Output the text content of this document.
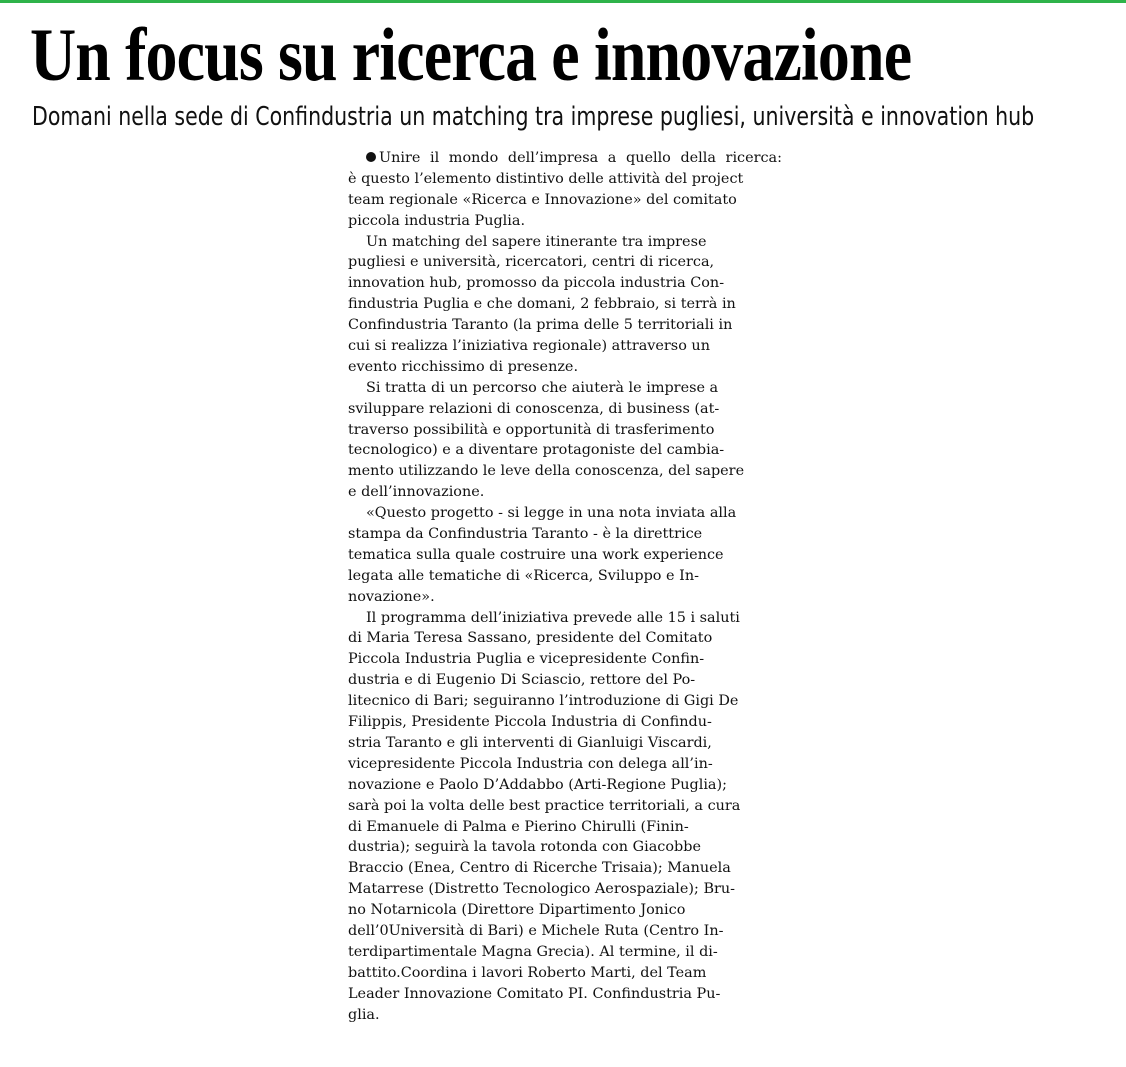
Un focus su ricerca e innovazione
Domani nella sede di Confindustria un matching tra imprese pugliesi, università e innovation hub

Unire il mondo dell’impresa a quello della ricerca:
è questo l’elemento distintivo delle attività del project
team regionale «Ricerca e Innovazione» del comitato
piccola industria Puglia.

Un matching del sapere itinerante tra imprese
pugliesi e università, ricercatori, centri di ricerca,
innovation hub, promosso da piccola industria Con-
findustria Puglia e che domani, 2 febbraio, si terrà in
Confindustria Taranto (la prima delle 5 territoriali in
cui si realizza l’iniziativa regionale) attraverso un
evento ricchissimo di presenze.

Si tratta di un percorso che aiuterà le imprese a
sviluppare relazioni di conoscenza, di business (at-
traverso possibilità e opportunità di trasferimento
tecnologico) e a diventare protagoniste del cambia-
mento utilizzando le leve della conoscenza, del sapere
e dell’innovazione.

«Questo progetto - si legge in una nota inviata alla
stampa da Confindustria Taranto - è la direttrice
tematica sulla quale costruire una work experience
legata alle tematiche di «Ricerca, Sviluppo e In-
novazione».

Il programma dell’iniziativa prevede alle 15 i saluti
di Maria Teresa Sassano, presidente del Comitato
Piccola Industria Puglia e vicepresidente Confin-
dustria e di Eugenio Di Sciascio, rettore del Po-
litecnico di Bari; seguiranno l’introduzione di Gigi De
Filippis, Presidente Piccola Industria di Confindu-
stria Taranto e gli interventi di Gianluigi Viscardi,
vicepresidente Piccola Industria con delega all’in-
novazione e Paolo D’Addabbo (Arti-Regione Puglia);
sarà poi la volta delle best practice territoriali, a cura
di Emanuele di Palma e Pierino Chirulli (Finin-
dustria); seguirà la tavola rotonda con Giacobbe
Braccio (Enea, Centro di Ricerche Trisaia); Manuela
Matarrese (Distretto Tecnologico Aerospaziale); Bru-
no Notarnicola (Direttore Dipartimento Jonico
dell’0Università di Bari) e Michele Ruta (Centro In-
terdipartimentale Magna Grecia). Al termine, il di-
battito.Coordina i lavori Roberto Marti, del Team
Leader Innovazione Comitato PI. Confindustria Pu-
glia.
